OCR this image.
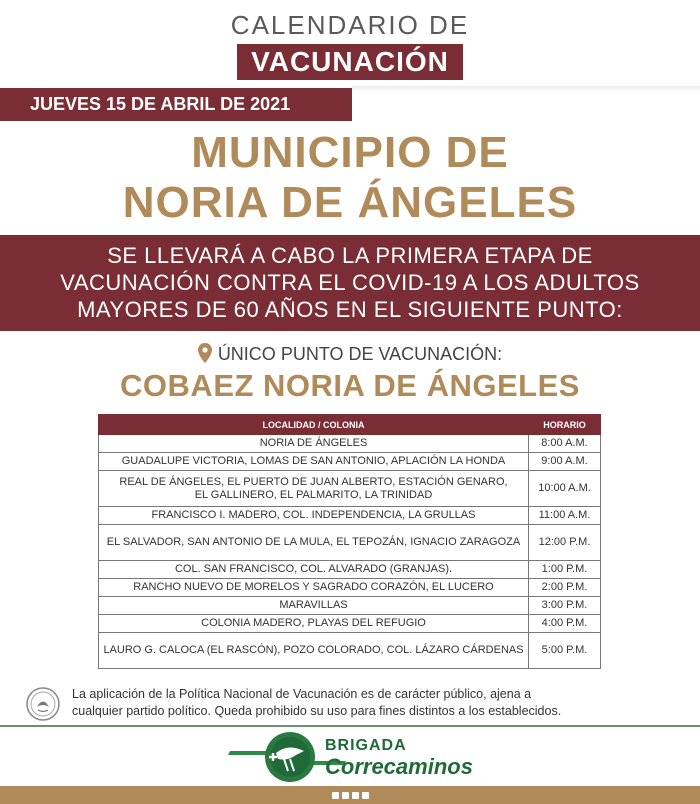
CALENDARIO DE
VACUNACIÓN
JUEVES 15 DE ABRIL DE 2021
MUNICIPIO DE
NORIA DE ÁNGELES
SE LLEVARÁ A CABO LA PRIMERA ETAPA DE
VACUNACIÓN CONTRA EL COVID-19 A LOS ADULTOS
MAYORES DE 60 AÑOS EN EL SIGUIENTE PUNTO:
ÚNICO PUNTO DE VACUNACIÓN:
COBAEZ NORIA DE ÁNGELES
LOCALIDAD / COLONIA	HORARIO
NORIA DE ÁNGELES	8:00 A.M.
GUADALUPE VICTORIA, LOMAS DE SAN ANTONIO, APLACIÓN LA HONDA	9:00 A.M.

REAL DE ÁNGELES, EL PUERTO DE JUAN ALBERTO, ESTACIÓN GENARO,
EL GALLINERO, EL PALMARITO, LA TRINIDAD	10:00 A.M.
FRANCISCO I. MADERO, COL. INDEPENDENCIA, LA GRULLAS	11:00 A.M.
EL SALVADOR, SAN ANTONIO DE LA MULA, EL TEPOZÁN, IGNACIO ZARAGOZA	12:00 P.M.
COL. SAN FRANCISCO, COL. ALVARADO (GRANJAS).	1:00 P.M.
RANCHO NUEVO DE MORELOS Y SAGRADO CORAZÓN, EL LUCERO	2:00 P.M.
MARAVILLAS	3:00 P.M.
COLONIA MADERO, PLAYAS DEL REFUGIO	4:00 P.M.
LAURO G. CALOCA (EL RASCÓN), POZO COLORADO, COL. LÁZARO CÁRDENAS	5:00 P.M.
La aplicación de la Política Nacional de Vacunación es de carácter público, ajena a
cualquier partido político. Queda prohibido su uso para fines distintos a los establecidos.
BRIGADA
Correcaminos
